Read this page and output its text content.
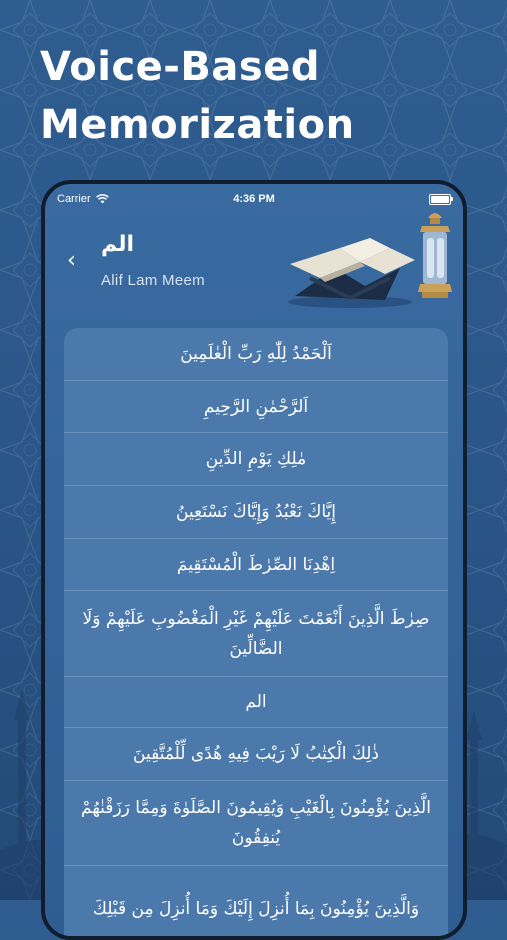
Voice-Based
Memorization
Carrier	4:36 PM
‹
الم
Alif Lam Meem
اَلْحَمْدُ لِلّٰهِ رَبِّ الْعٰلَمِينَ
اَلرَّحْمٰنِ الرَّحِيمِ
مٰلِكِ يَوْمِ الدِّينِ
إِيَّاكَ نَعْبُدُ وَإِيَّاكَ نَسْتَعِينُ
اِهْدِنَا الصِّرٰطَ الْمُسْتَقِيمَ
صِرٰطَ الَّذِينَ أَنْعَمْتَ عَلَيْهِمْ غَيْرِ الْمَغْضُوبِ عَلَيْهِمْ وَلَا الضَّالِّينَ
الم
ذٰلِكَ الْكِتٰبُ لَا رَيْبَ فِيهِ هُدًى لِّلْمُتَّقِينَ
الَّذِينَ يُؤْمِنُونَ بِالْغَيْبِ وَيُقِيمُونَ الصَّلَوٰةَ وَمِمَّا رَزَقْنٰهُمْ يُنفِقُونَ
وَالَّذِينَ يُؤْمِنُونَ بِمَا أُنزِلَ إِلَيْكَ وَمَا أُنزِلَ مِن قَبْلِكَ
